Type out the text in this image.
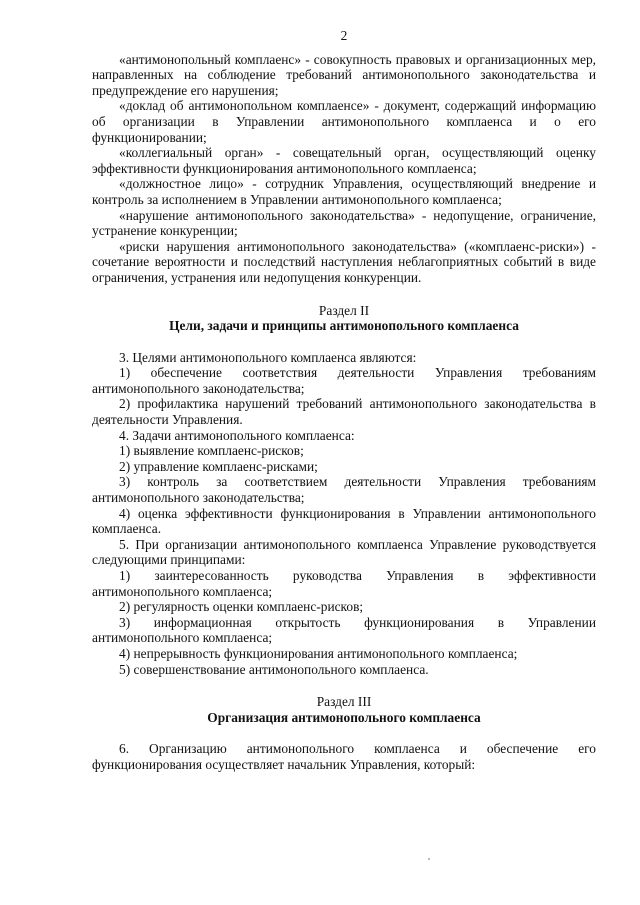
2

«антимонопольный комплаенс» - совокупность правовых и организационных мер, направленных на соблюдение требований антимонопольного законодательства и предупреждение его нарушения;

«доклад об антимонопольном комплаенсе» - документ, содержащий информацию об организации в Управлении антимонопольного комплаенса и о его функционировании;

«коллегиальный орган» - совещательный орган, осуществляющий оценку эффективности функционирования антимонопольного комплаенса;

«должностное лицо» - сотрудник Управления, осуществляющий внедрение и контроль за исполнением в Управлении антимонопольного комплаенса;

«нарушение антимонопольного законодательства» - недопущение, ограничение, устранение конкуренции;

«риски нарушения антимонопольного законодательства» («комплаенс-риски») - сочетание вероятности и последствий наступления неблагоприятных событий в виде ограничения, устранения или недопущения конкуренции.

Раздел II

Цели, задачи и принципы антимонопольного комплаенса

3. Целями антимонопольного комплаенса являются:

1) обеспечение соответствия деятельности Управления требованиям антимонопольного законодательства;

2) профилактика нарушений требований антимонопольного законодательства в деятельности Управления.

4. Задачи антимонопольного комплаенса:

1) выявление комплаенс-рисков;

2) управление комплаенс-рисками;

3) контроль за соответствием деятельности Управления требованиям антимонопольного законодательства;

4) оценка эффективности функционирования в Управлении антимонопольного комплаенса.

5. При организации антимонопольного комплаенса Управление руководствуется следующими принципами:

1) заинтересованность руководства Управления в эффективности антимонопольного комплаенса;

2) регулярность оценки комплаенс-рисков;

3) информационная открытость функционирования в Управлении антимонопольного комплаенса;

4) непрерывность функционирования антимонопольного комплаенса;

5) совершенствование антимонопольного комплаенса.

Раздел III

Организация антимонопольного комплаенса

6. Организацию антимонопольного комплаенса и обеспечение его функционирования осуществляет начальник Управления, который:
